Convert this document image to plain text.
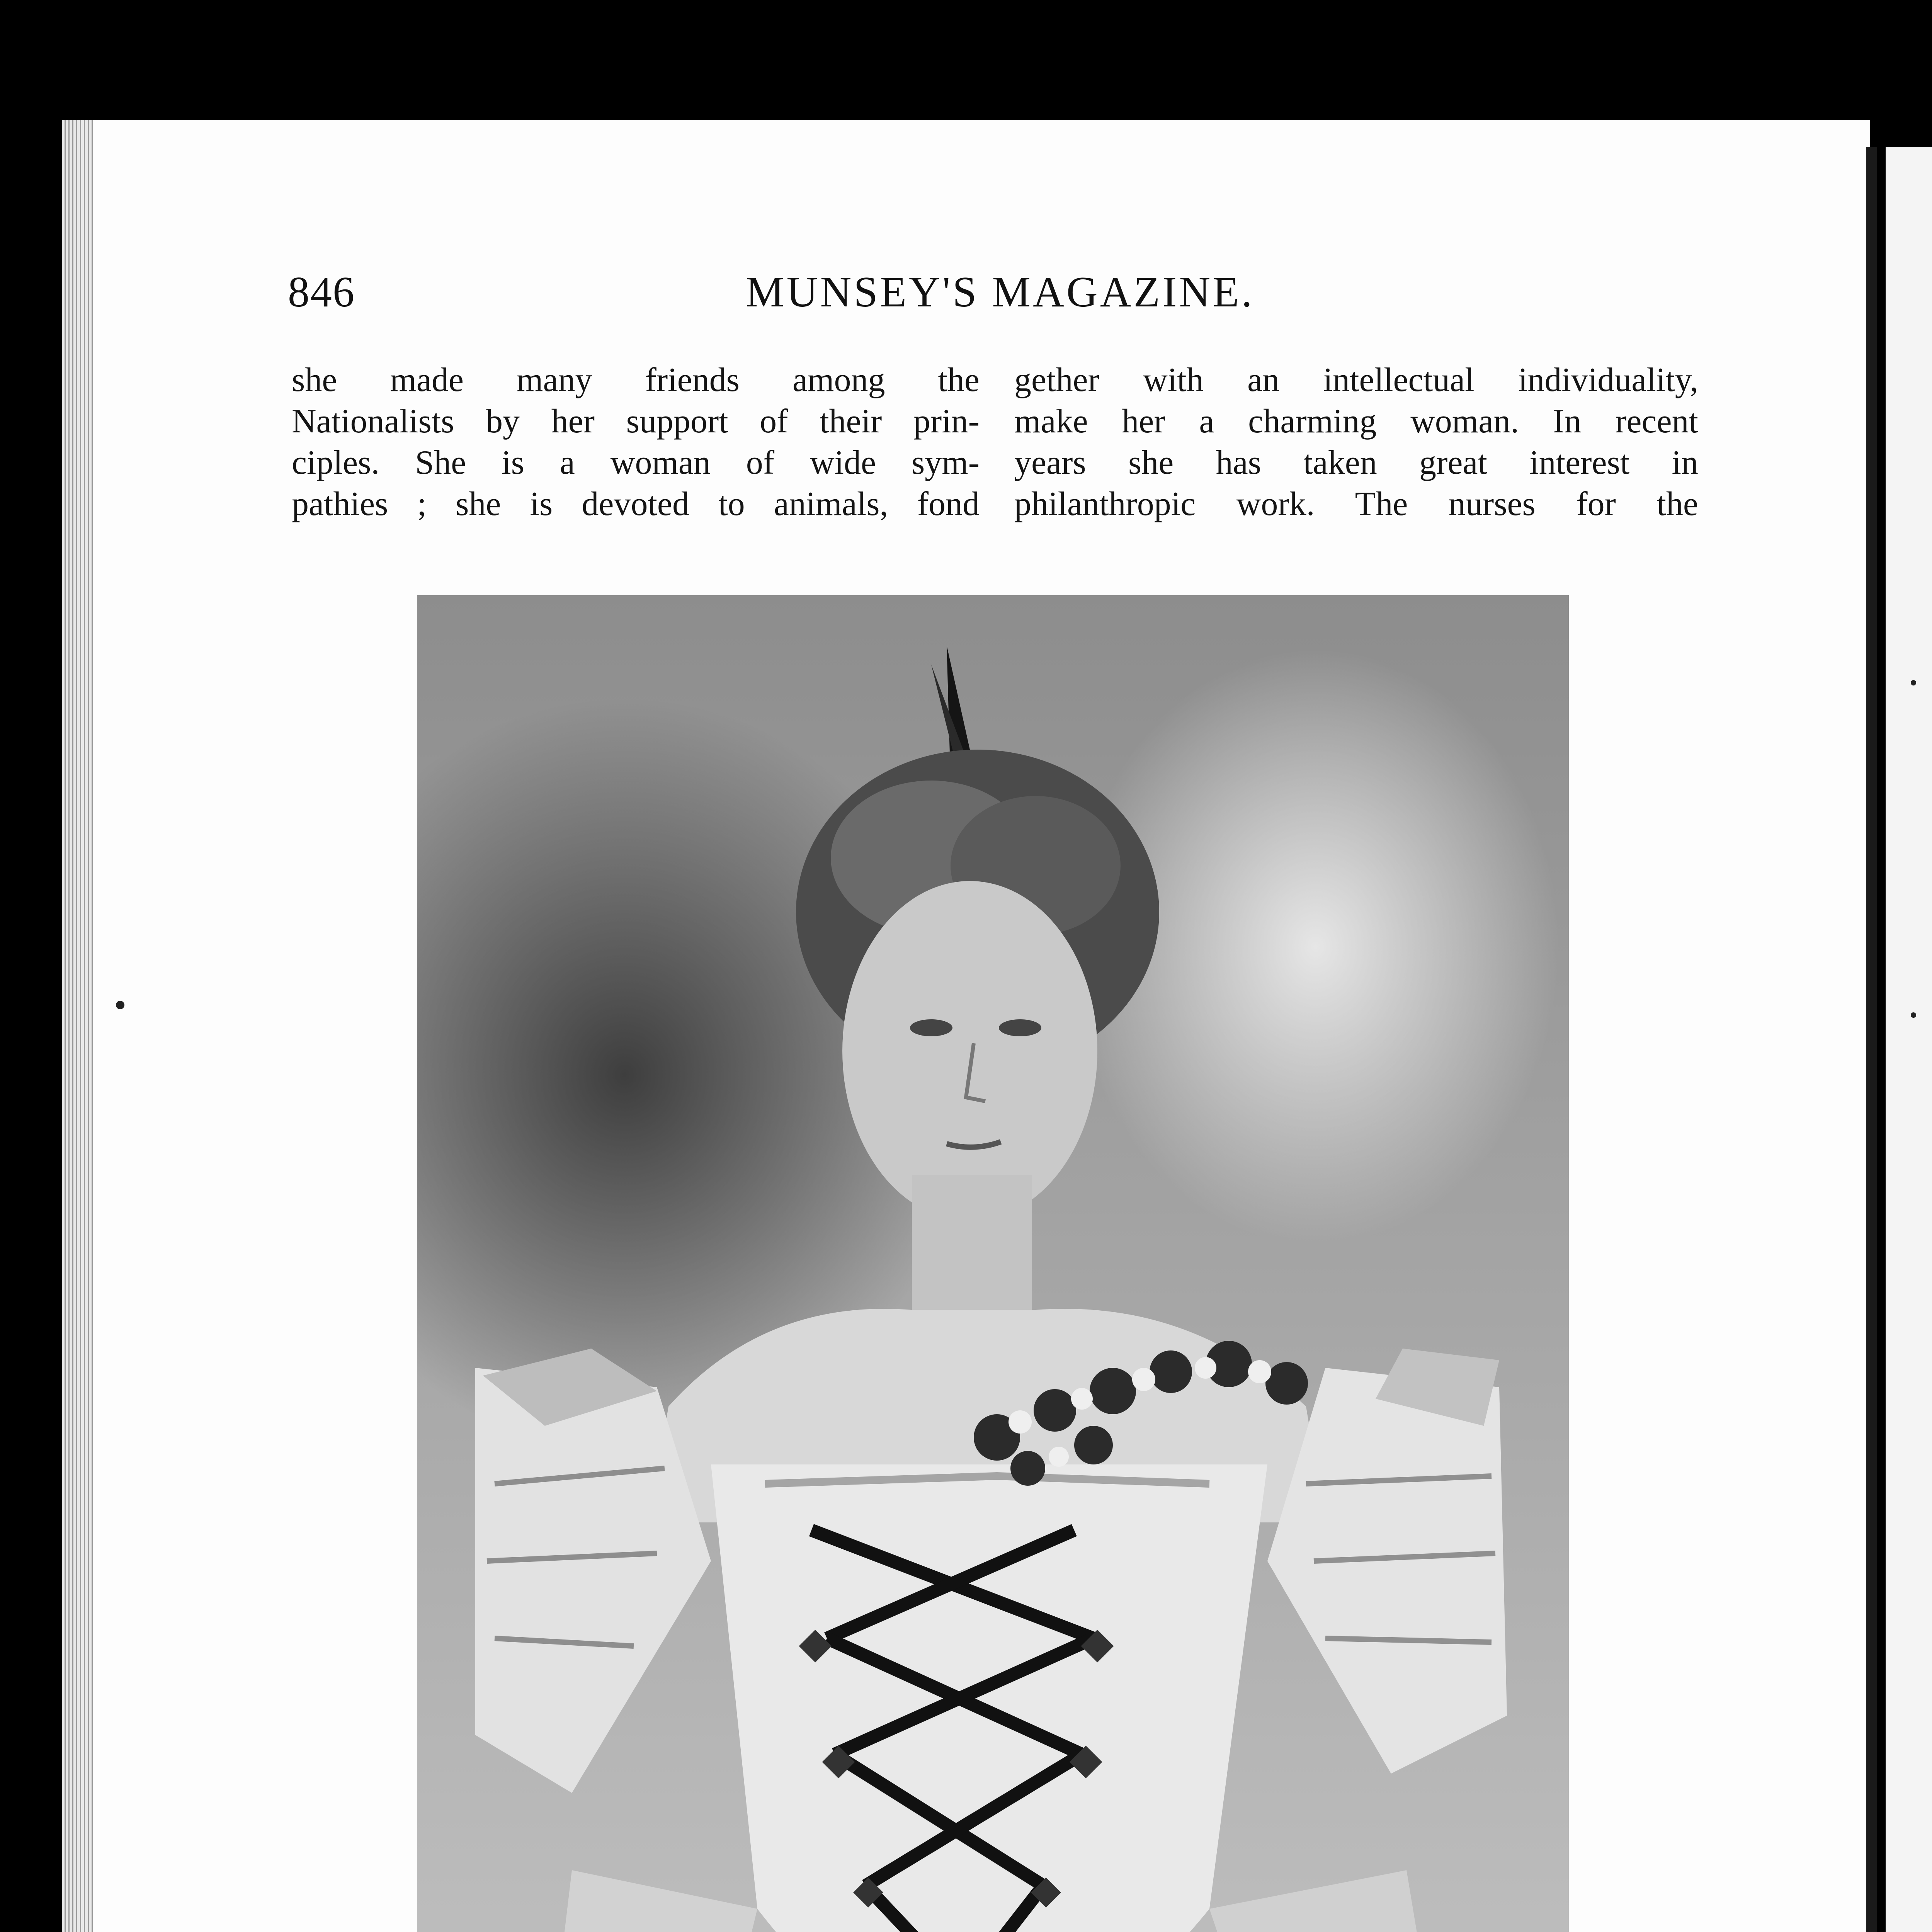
846	MUNSEY'S MAGAZINE.
she made many friends among the
Nationalists by her support of their prin-
ciples. She is a woman of wide sym-
pathies ; she is devoted to animals, fond
gether with an intellectual individuality,
make her a charming woman. In recent
years she has taken great interest in
philanthropic work. The nurses for the
